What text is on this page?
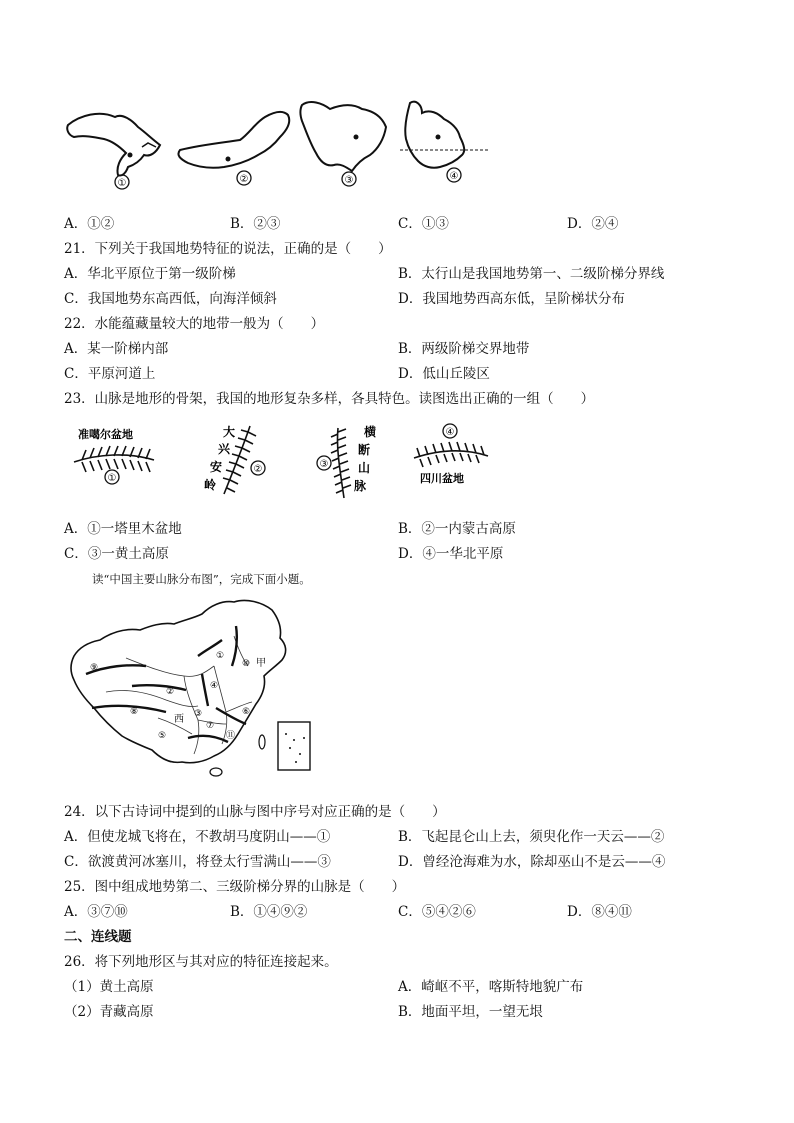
①	②	③	④
A．①②	B．②③	C．①③	D．②④
21．下列关于我国地势特征的说法，正确的是（　　）
A．华北平原位于第一级阶梯	B．太行山是我国地势第一、二级阶梯分界线
C．我国地势东高西低，向海洋倾斜	D．我国地势西高东低，呈阶梯状分布
22．水能蕴藏量较大的地带一般为（　　）
A．某一阶梯内部	B．两级阶梯交界地带
C．平原河道上	D．低山丘陵区
23．山脉是地形的骨架，我国的地形复杂多样，各具特色。读图选出正确的一组（　　）
准噶尔盆地
①
大
兴
安
岭
②
横
断
山
脉
③
④
四川盆地
A．①一塔里木盆地	B．②一内蒙古高原
C．③一黄土高原	D．④一华北平原
读“中国主要山脉分布图”，完成下面小题。
①
⑩ 甲
⑨
④
②
西 ③
⑦
⑪
⑧
⑤
⑥
24．以下古诗词中提到的山脉与图中序号对应正确的是（　　）
A．但使龙城飞将在，不教胡马度阴山——①	B．飞起昆仑山上去，须臾化作一天云——②
C．欲渡黄河冰塞川，将登太行雪满山——③	D．曾经沧海难为水，除却巫山不是云——④
25．图中组成地势第二、三级阶梯分界的山脉是（　　）
A．③⑦⑩	B．①④⑨②	C．⑤④②⑥	D．⑧④⑪
二、连线题
26．将下列地形区与其对应的特征连接起来。
（1）黄土高原	A．崎岖不平，喀斯特地貌广布
（2）青藏高原	B．地面平坦，一望无垠
